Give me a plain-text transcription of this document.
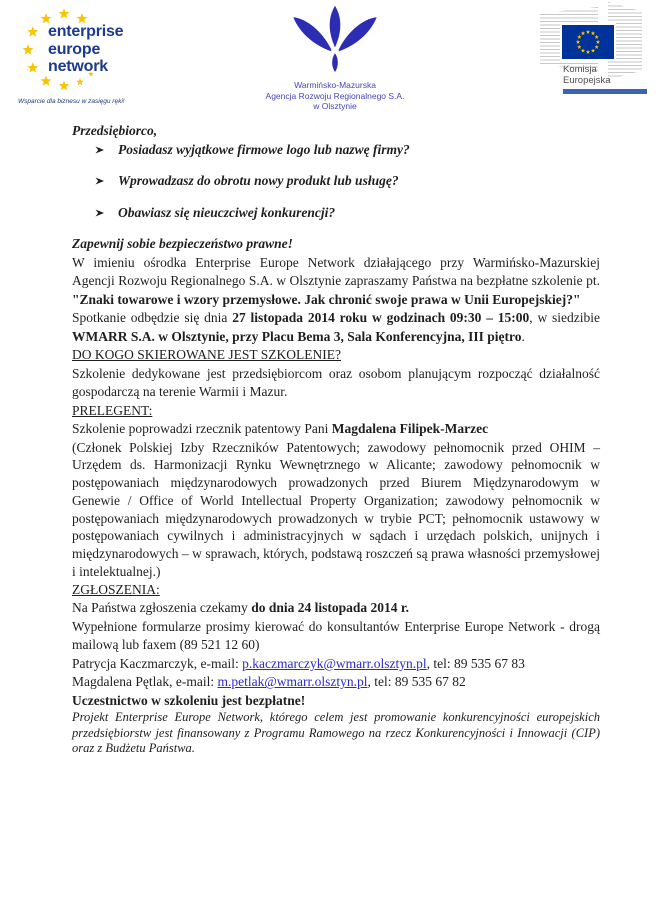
enterprise
europe
network
Wsparcie dla biznesu w zasięgu ręki!
Warmińsko-Mazurska
Agencja Rozwoju Regionalnego S.A.
w Olsztynie
Komisja
Europejska

Przedsiębiorco,

Posiadasz wyjątkowe firmowe logo lub nazwę firmy?
Wprowadzasz do obrotu nowy produkt lub usługę?
Obawiasz się nieuczciwej konkurencji?

Zapewnij sobie bezpieczeństwo prawne!

W imieniu ośrodka Enterprise Europe Network działającego przy Warmińsko-Mazurskiej Agencji Rozwoju Regionalnego S.A. w Olsztynie zapraszamy Państwa na bezpłatne szkolenie pt. "Znaki towarowe i wzory przemysłowe. Jak chronić swoje prawa w Unii Europejskiej?"

Spotkanie odbędzie się dnia 27 listopada 2014 roku w godzinach 09:30 – 15:00, w siedzibie WMARR S.A. w Olsztynie, przy Placu Bema 3, Sala Konferencyjna, III piętro.

DO KOGO SKIEROWANE JEST SZKOLENIE?

Szkolenie dedykowane jest przedsiębiorcom oraz osobom planującym rozpocząć działalność gospodarczą na terenie Warmii i Mazur.

PRELEGENT:

Szkolenie poprowadzi rzecznik patentowy Pani Magdalena Filipek-Marzec

(Członek Polskiej Izby Rzeczników Patentowych; zawodowy pełnomocnik przed OHIM – Urzędem ds. Harmonizacji Rynku Wewnętrznego w Alicante; zawodowy pełnomocnik w postępowaniach międzynarodowych prowadzonych przed Biurem Międzynarodowym w Genewie / Office of World Intellectual Property Organization; zawodowy pełnomocnik w postępowaniach międzynarodowych prowadzonych w trybie PCT; pełnomocnik ustawowy w postępowaniach cywilnych i administracyjnych w sądach i urzędach polskich, unijnych i międzynarodowych – w sprawach, których, podstawą roszczeń są prawa własności przemysłowej i intelektualnej.)

ZGŁOSZENIA:

Na Państwa zgłoszenia czekamy do dnia 24 listopada 2014 r.

Wypełnione formularze prosimy kierować do konsultantów Enterprise Europe Network - drogą mailową lub faxem (89 521 12 60)

Patrycja Kaczmarczyk, e-mail: p.kaczmarczyk@wmarr.olsztyn.pl, tel: 89 535 67 83
Magdalena Pętlak, e-mail: m.petlak@wmarr.olsztyn.pl, tel: 89 535 67 82

Uczestnictwo w szkoleniu jest bezpłatne!

Projekt Enterprise Europe Network, którego celem jest promowanie konkurencyjności europejskich przedsiębiorstw jest finansowany z Programu Ramowego na rzecz Konkurencyjności i Innowacji (CIP) oraz z Budżetu Państwa.
